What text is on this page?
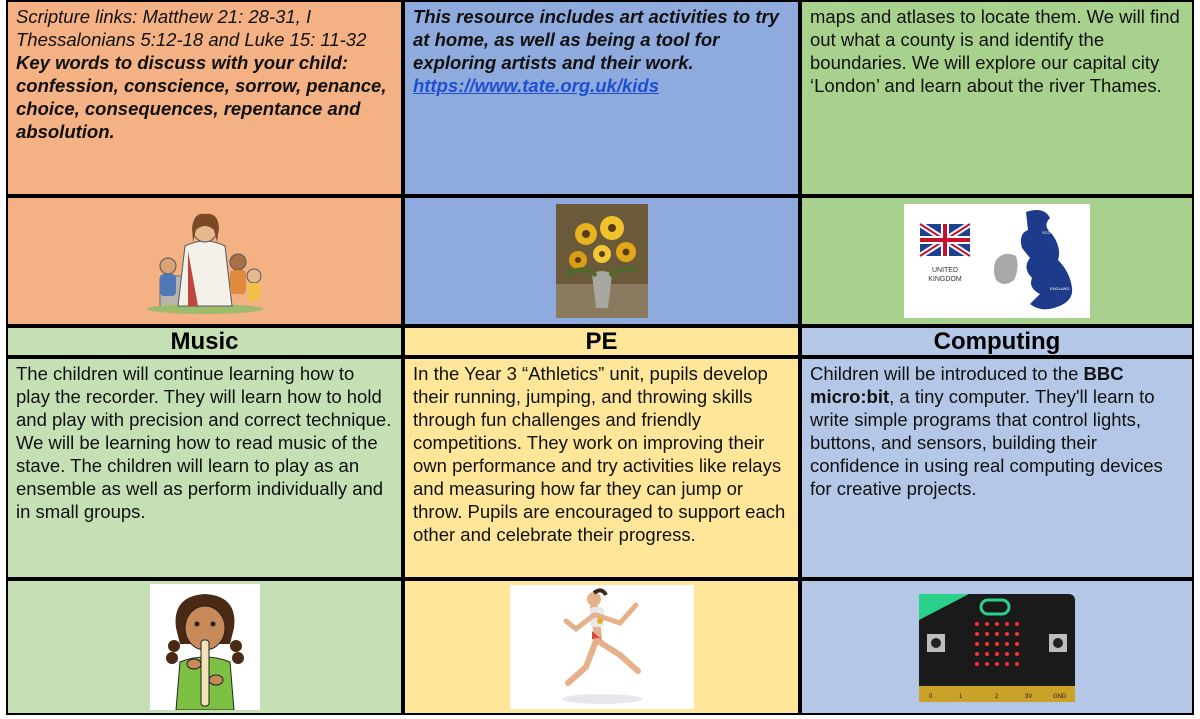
Scripture links: Matthew 21: 28-31, I Thessalonians 5:12-18 and Luke 15: 11-32
Key words to discuss with your child: confession, conscience, sorrow, penance, choice, consequences, repentance and absolution.
This resource includes art activities to try at home, as well as being a tool for exploring artists and their work.
https://www.tate.org.uk/kids
maps and atlases to locate them. We will find out what a county is and identify the boundaries. We will explore our capital city ‘London’ and learn about the river Thames.
UNITED
KINGDOM
SCOTLAND
ENGLAND
Music	PE	Computing
The children will continue learning how to play the recorder. They will learn how to hold and play with precision and correct technique. We will be learning how to read music of the stave. The children will learn to play as an ensemble as well as perform individually and in small groups.
In the Year 3 “Athletics” unit, pupils develop their running, jumping, and throwing skills through fun challenges and friendly competitions. They work on improving their own performance and try activities like relays and measuring how far they can jump or throw. Pupils are encouraged to support each other and celebrate their progress.
Children will be introduced to the BBC micro:bit, a tiny computer. They'll learn to write simple programs that control lights, buttons, and sensors, building their confidence in using real computing devices for creative projects.
0	1	2	3V	GND
